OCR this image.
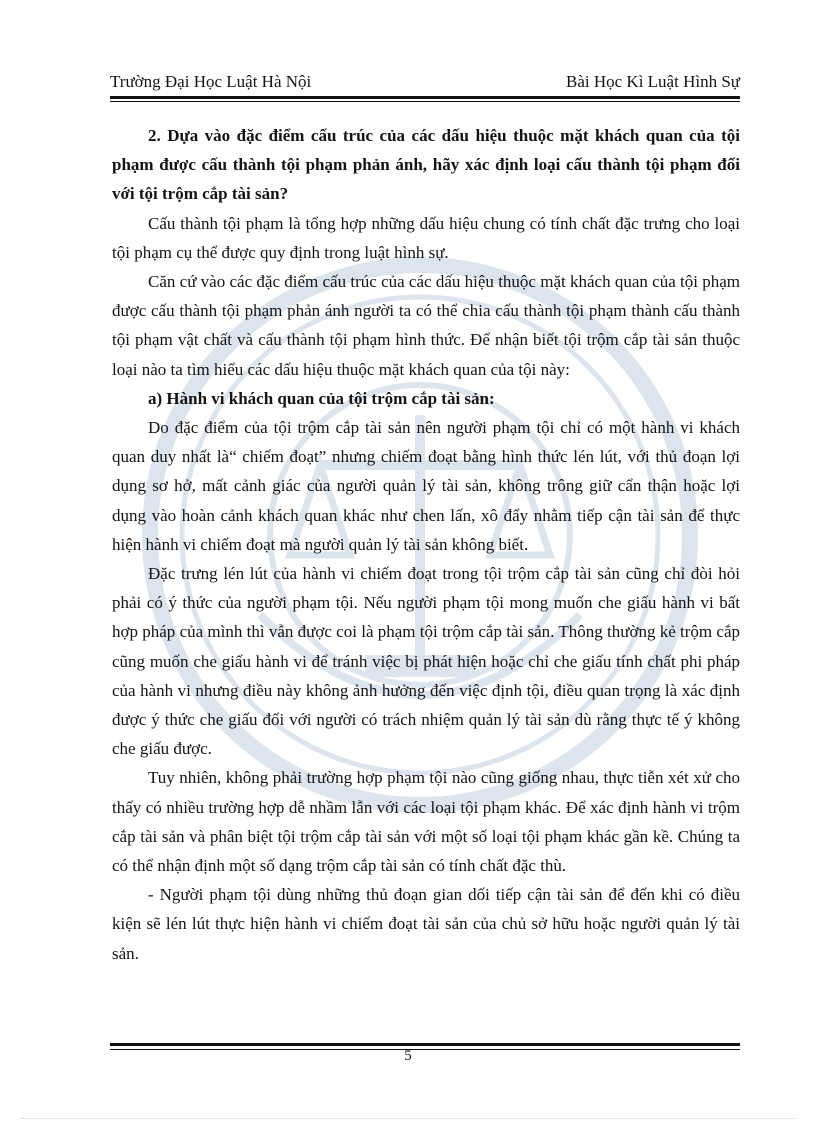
Trường Đại Học Luật Hà Nội	Bài Học Kì Luật Hình Sự

2. Dựa vào đặc điểm cấu trúc của các dấu hiệu thuộc mặt khách quan của tội phạm được cấu thành tội phạm phản ánh, hãy xác định loại cấu thành tội phạm đối với tội trộm cắp tài sản?

Cấu thành tội phạm là tổng hợp những dấu hiệu chung có tính chất đặc trưng cho loại tội phạm cụ thể được quy định trong luật hình sự.

Căn cứ vào các đặc điểm cấu trúc của các dấu hiệu thuộc mặt khách quan của tội phạm được cấu thành tội phạm phản ánh người ta có thể chia cấu thành tội phạm thành cấu thành tội phạm vật chất và cấu thành tội phạm hình thức. Để nhận biết tội trộm cắp tài sản thuộc loại nào ta tìm hiểu các dấu hiệu thuộc mặt khách quan của tội này:

a) Hành vi khách quan của tội trộm cắp tài sản:

Do đặc điểm của tội trộm cắp tài sản nên người phạm tội chỉ có một hành vi khách quan duy nhất là“ chiếm đoạt” nhưng chiếm đoạt bằng hình thức lén lút, với thủ đoạn lợi dụng sơ hở, mất cảnh giác của người quản lý tài sản, không trông giữ cẩn thận hoặc lợi dụng vào hoàn cảnh khách quan khác như chen lấn, xô đẩy nhằm tiếp cận tài sản để thực hiện hành vi chiếm đoạt mà người quản lý tài sản không biết.

Đặc trưng lén lút của hành vi chiếm đoạt trong tội trộm cắp tài sản cũng chỉ đòi hỏi phải có ý thức của người phạm tội. Nếu người phạm tội mong muốn che giấu hành vi bất hợp pháp của mình thì vẫn được coi là phạm tội trộm cắp tài sản. Thông thường kẻ trộm cắp cũng muốn che giấu hành vi để tránh việc bị phát hiện hoặc chỉ che giấu tính chất phi pháp của hành vi nhưng điều này không ảnh hưởng đến việc định tội, điều quan trọng là xác định được ý thức che giấu đối với người có trách nhiệm quản lý tài sản dù rằng thực tế ý không che giấu được.

Tuy nhiên, không phải trường hợp phạm tội nào cũng giống nhau, thực tiễn xét xử cho thấy có nhiều trường hợp dễ nhầm lẫn với các loại tội phạm khác. Để xác định hành vi trộm cắp tài sản và phân biệt tội trộm cắp tài sản với một số loại tội phạm khác gần kề. Chúng ta có thể nhận định một số dạng trộm cắp tài sản có tính chất đặc thù.

- Người phạm tội dùng những thủ đoạn gian dối tiếp cận tài sản để đến khi có điều kiện sẽ lén lút thực hiện hành vi chiếm đoạt tài sản của chủ sở hữu hoặc người quản lý tài sản.

5
